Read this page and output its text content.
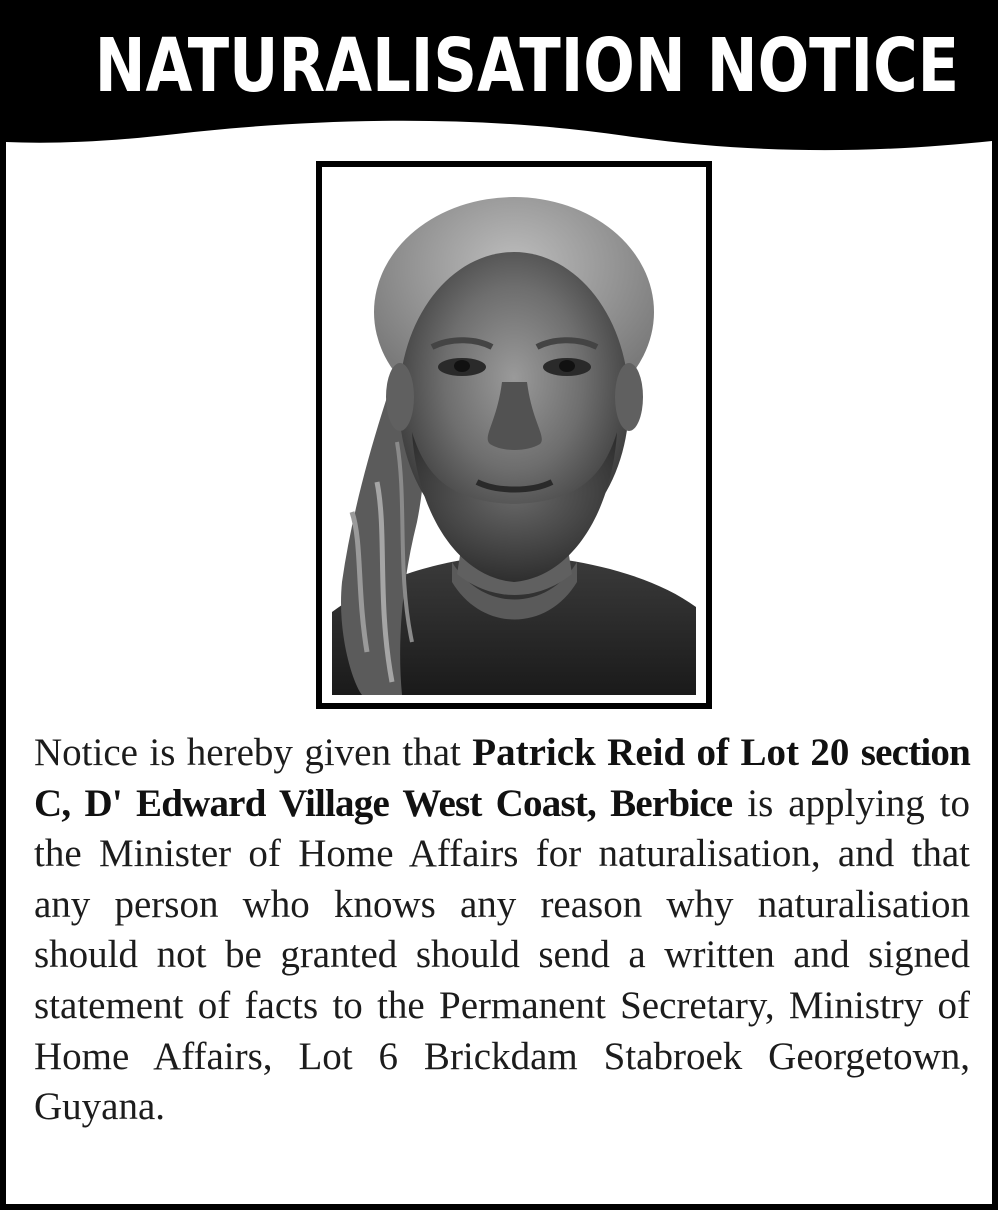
NATURALISATION NOTICE
Notice is hereby given that Patrick Reid of Lot 20 section C, D' Edward Village West Coast, Berbice is applying to the Minister of Home Affairs for naturalisation, and that any person who knows any reason why naturalisation should not be granted should send a written and signed statement of facts to the Permanent Secretary, Ministry of Home Affairs, Lot 6 Brickdam Stabroek Georgetown, Guyana.
